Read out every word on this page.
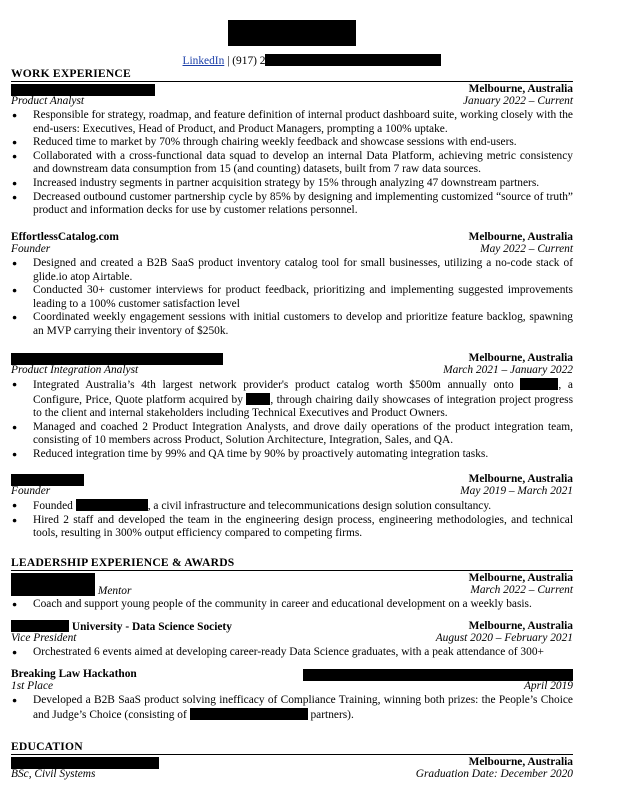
LinkedIn | (917) 2
WORK EXPERIENCE
Melbourne, Australia
Product Analyst	January 2022 – Current
● Responsible for strategy, roadmap, and feature definition of internal product dashboard suite, working closely with the end-users: Executives, Head of Product, and Product Managers, prompting a 100% uptake.
● Reduced time to market by 70% through chairing weekly feedback and showcase sessions with end-users.
● Collaborated with a cross-functional data squad to develop an internal Data Platform, achieving metric consistency and downstream data consumption from 15 (and counting) datasets, built from 7 raw data sources.
● Increased industry segments in partner acquisition strategy by 15% through analyzing 47 downstream partners.
● Decreased outbound customer partnership cycle by 85% by designing and implementing customized “source of truth” product and information decks for use by customer relations personnel.
EffortlessCatalog.com	Melbourne, Australia
Founder	May 2022 – Current
● Designed and created a B2B SaaS product inventory catalog tool for small businesses, utilizing a no-code stack of glide.io atop Airtable.
● Conducted 30+ customer interviews for product feedback, prioritizing and implementing suggested improvements leading to a 100% customer satisfaction level
● Coordinated weekly engagement sessions with initial customers to develop and prioritize feature backlog, spawning an MVP carrying their inventory of $250k.
Melbourne, Australia
Product Integration Analyst	March 2021 – January 2022
● Integrated Australia’s 4th largest network provider's product catalog worth $500m annually onto	, a Configure, Price, Quote platform acquired by , through chairing daily showcases of integration project progress to the client and internal stakeholders including Technical Executives and Product Owners.
● Managed and coached 2 Product Integration Analysts, and drove daily operations of the product integration team, consisting of 10 members across Product, Solution Architecture, Integration, Sales, and QA.
● Reduced integration time by 99% and QA time by 90% by proactively automating integration tasks.
Melbourne, Australia
Founder	May 2019 – March 2021
● Founded	, a civil infrastructure and telecommunications design solution consultancy.
● Hired 2 staff and developed the team in the engineering design process, engineering methodologies, and technical tools, resulting in 300% output efficiency compared to competing firms.
LEADERSHIP EXPERIENCE & AWARDS
Melbourne, Australia
Mentor	March 2022 – Current
● Coach and support young people of the community in career and educational development on a weekly basis.
University - Data Science Society	Melbourne, Australia
Vice President	August 2020 – February 2021
● Orchestrated 6 events aimed at developing career-ready Data Science graduates, with a peak attendance of 300+
Breaking Law Hackathon
1st Place	April 2019
● Developed a B2B SaaS product solving inefficacy of Compliance Training, winning both prizes: the People’s Choice and Judge’s Choice (consisting of	partners).
EDUCATION
Melbourne, Australia
BSc, Civil Systems	Graduation Date: December 2020
